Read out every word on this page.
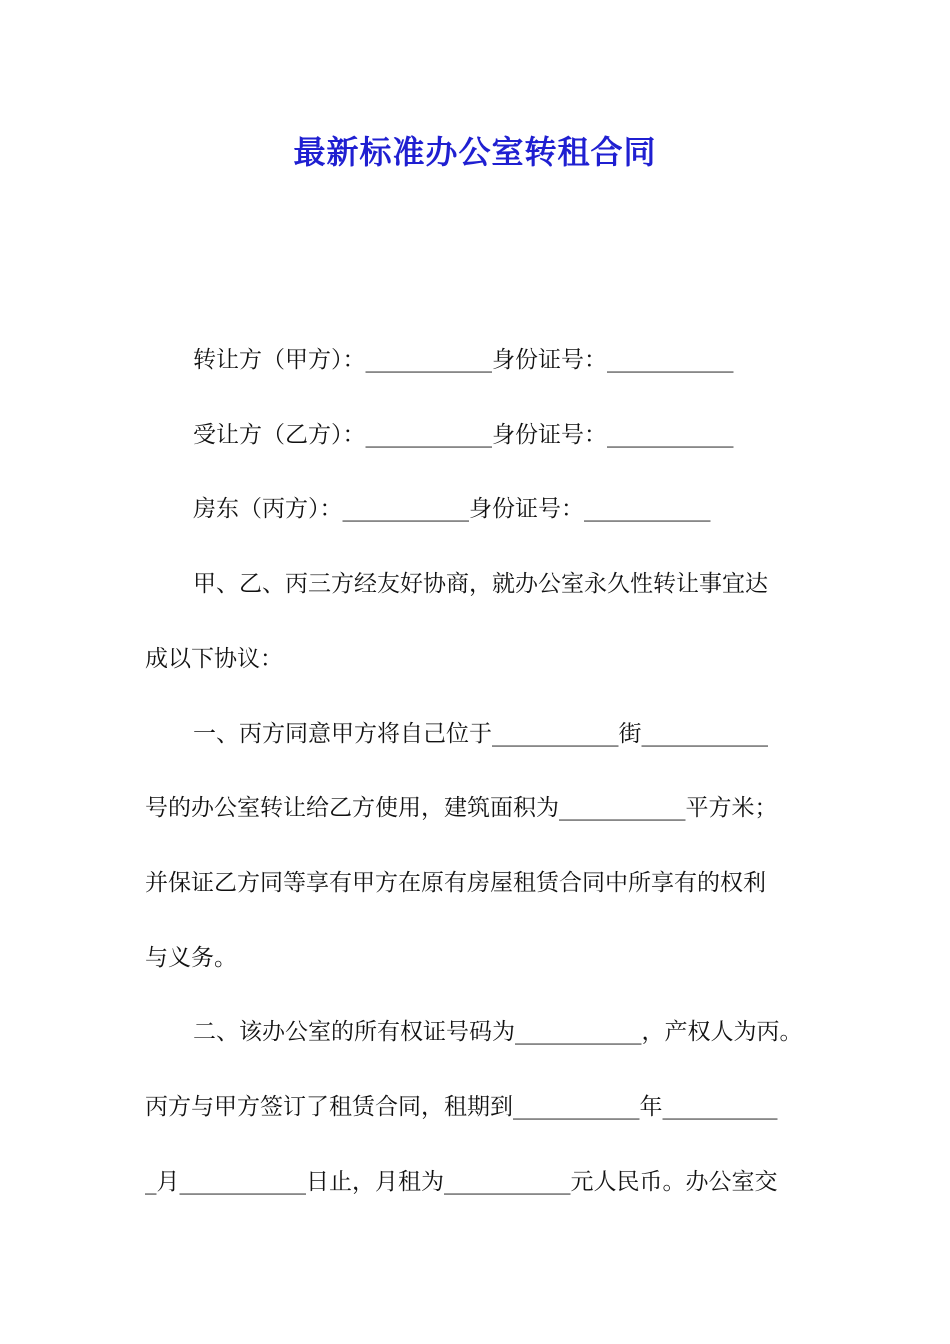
最新标准办公室转租合同
转让方（甲方）：___________身份证号：___________
受让方（乙方）：___________身份证号：___________
房东（丙方）：___________身份证号：___________
甲、乙、丙三方经友好协商，就办公室永久性转让事宜达
成以下协议：
一、丙方同意甲方将自己位于___________街___________
号的办公室转让给乙方使用，建筑面积为___________平方米；
并保证乙方同等享有甲方在原有房屋租赁合同中所享有的权利
与义务。
二、该办公室的所有权证号码为___________，产权人为丙。
丙方与甲方签订了租赁合同，租期到___________年__________
_月___________日止，月租为___________元人民币。办公室交
